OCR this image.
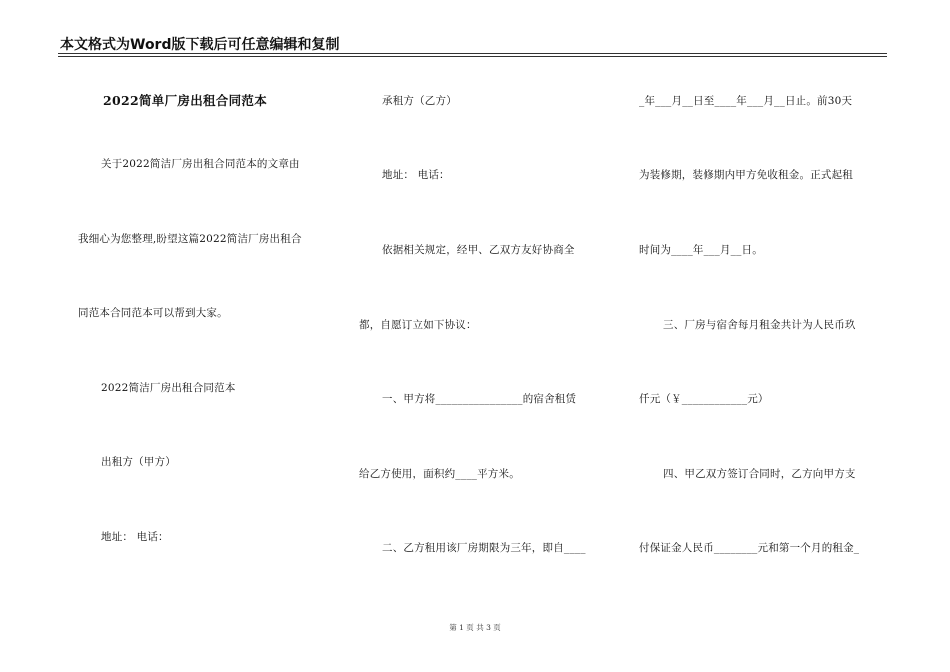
本文格式为Word版下载后可任意编辑和复制
2022简单厂房出租合同范本
关于2022简洁厂房出租合同范本的文章由
我细心为您整理,盼望这篇2022简洁厂房出租合
同范本合同范本可以帮到大家。
2022简洁厂房出租合同范本
出租方（甲方）
地址： 电话：
承租方（乙方）
地址： 电话：
依据相关规定，经甲、乙双方友好协商全
都，自愿订立如下协议：
一、甲方将________________的宿舍租赁
给乙方使用，面积约____平方米。
二、乙方租用该厂房期限为三年，即自____
_年___月__日至____年___月__日止。前30天
为装修期，装修期内甲方免收租金。正式起租
时间为____年___月__日。
三、厂房与宿舍每月租金共计为人民币玖
仟元（￥____________元）
四、甲乙双方签订合同时，乙方向甲方支
付保证金人民币________元和第一个月的租金_
第 1 页 共 3 页
